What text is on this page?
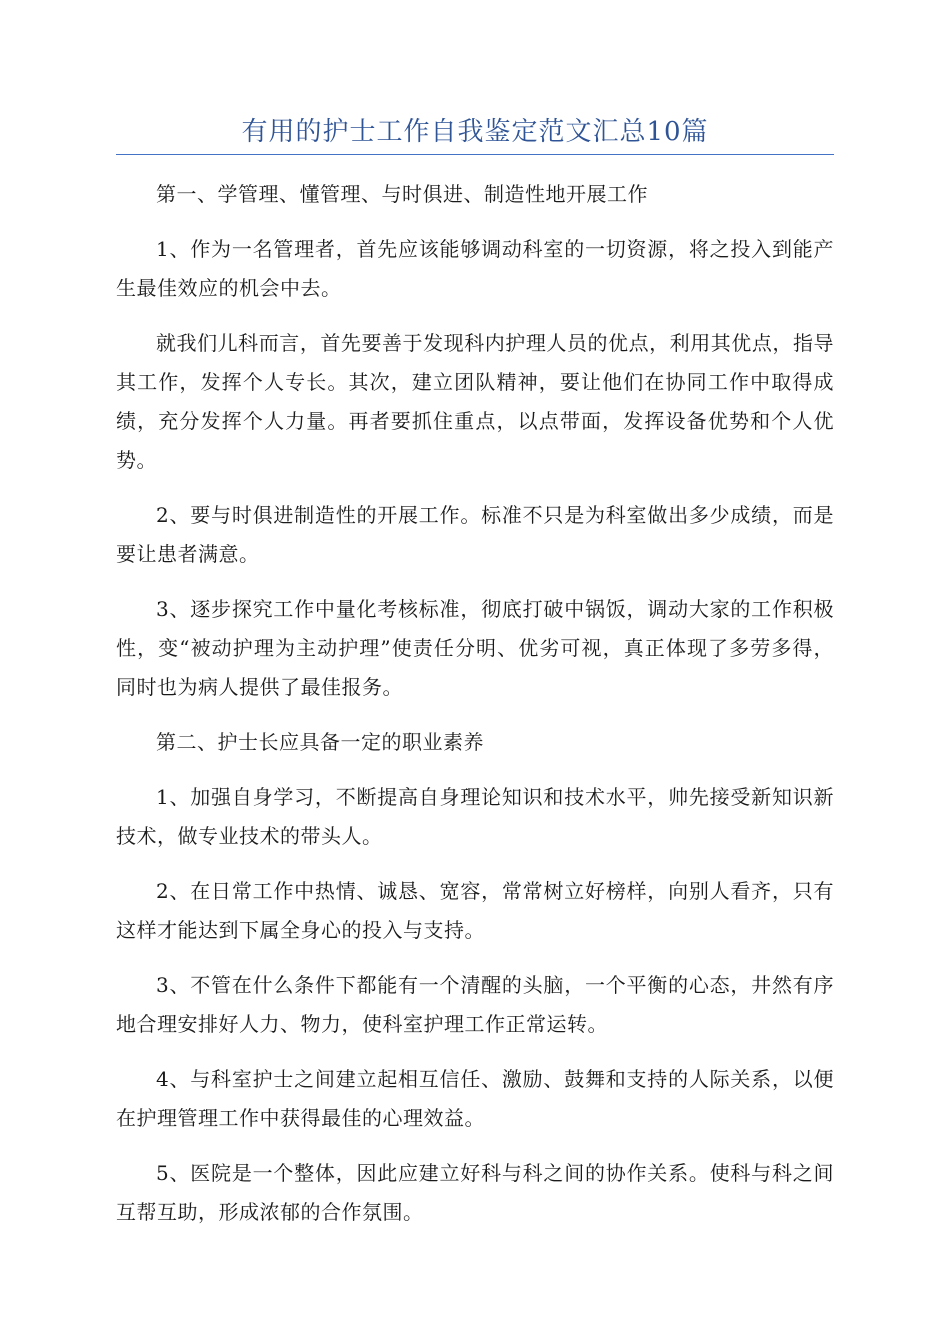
有用的护士工作自我鉴定范文汇总10篇

第一、学管理、懂管理、与时俱进、制造性地开展工作

1、作为一名管理者，首先应该能够调动科室的一切资源，将之投入到能产生最佳效应的机会中去。

就我们儿科而言，首先要善于发现科内护理人员的优点，利用其优点，指导其工作，发挥个人专长。其次，建立团队精神，要让他们在协同工作中取得成绩，充分发挥个人力量。再者要抓住重点，以点带面，发挥设备优势和个人优势。

2、要与时俱进制造性的开展工作。标准不只是为科室做出多少成绩，而是要让患者满意。

3、逐步探究工作中量化考核标准，彻底打破中锅饭，调动大家的工作积极性，变“被动护理为主动护理”使责任分明、优劣可视，真正体现了多劳多得，同时也为病人提供了最佳报务。

第二、护士长应具备一定的职业素养

1、加强自身学习，不断提高自身理论知识和技术水平，帅先接受新知识新技术，做专业技术的带头人。

2、在日常工作中热情、诚恳、宽容，常常树立好榜样，向别人看齐，只有这样才能达到下属全身心的投入与支持。

3、不管在什么条件下都能有一个清醒的头脑，一个平衡的心态，井然有序地合理安排好人力、物力，使科室护理工作正常运转。

4、与科室护士之间建立起相互信任、激励、鼓舞和支持的人际关系，以便在护理管理工作中获得最佳的心理效益。

5、医院是一个整体，因此应建立好科与科之间的协作关系。使科与科之间互帮互助，形成浓郁的合作氛围。
